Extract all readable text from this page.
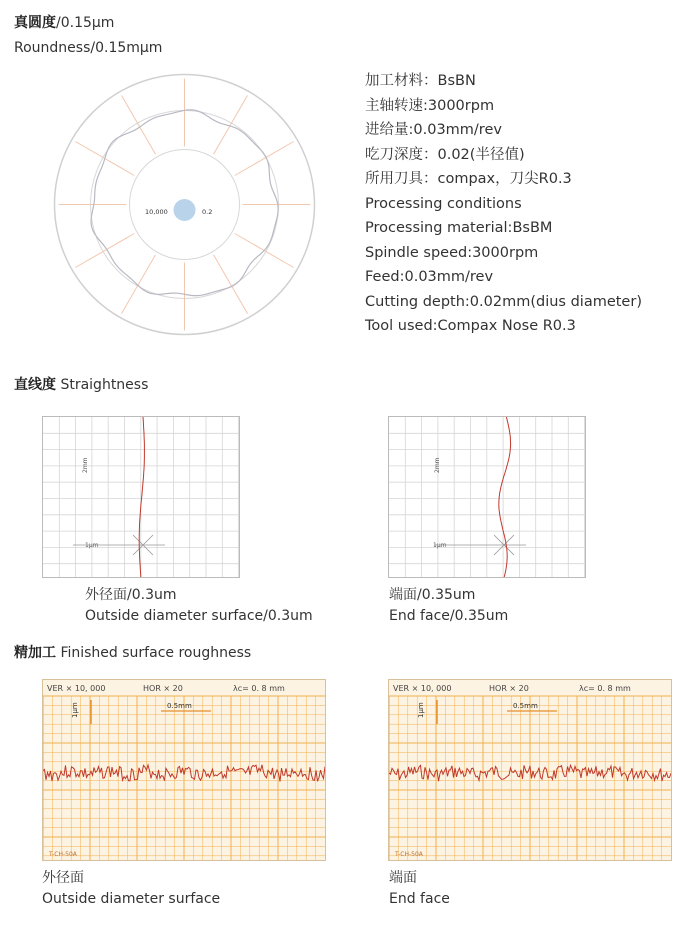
真圆度/0.15μm
Roundness/0.15mμm
10,000	0.2
加工材料：BsBN
主轴转速:3000rpm
进给量:0.03mm/rev
吃刀深度：0.02(半径值)
所用刀具：compax，刀尖R0.3
Processing conditions
Processing material:BsBM
Spindle speed:3000rpm
Feed:0.03mm/rev
Cutting depth:0.02mm(dius diameter)
Tool used:Compax Nose R0.3
直线度 Straightness
2mm
1μm
外径面/0.3um
Outside diameter surface/0.3um
2mm
1μm
端面/0.35um
End face/0.35um
精加工 Finished surface roughness
VER × 10, 000	HOR × 20	λc= 0. 8 mm
1μm	0.5mm
T-CH-50A
外径面
Outside diameter surface
VER × 10, 000	HOR × 20	λc= 0. 8 mm
1μm	0.5mm
T-CH-50A
端面
End face
